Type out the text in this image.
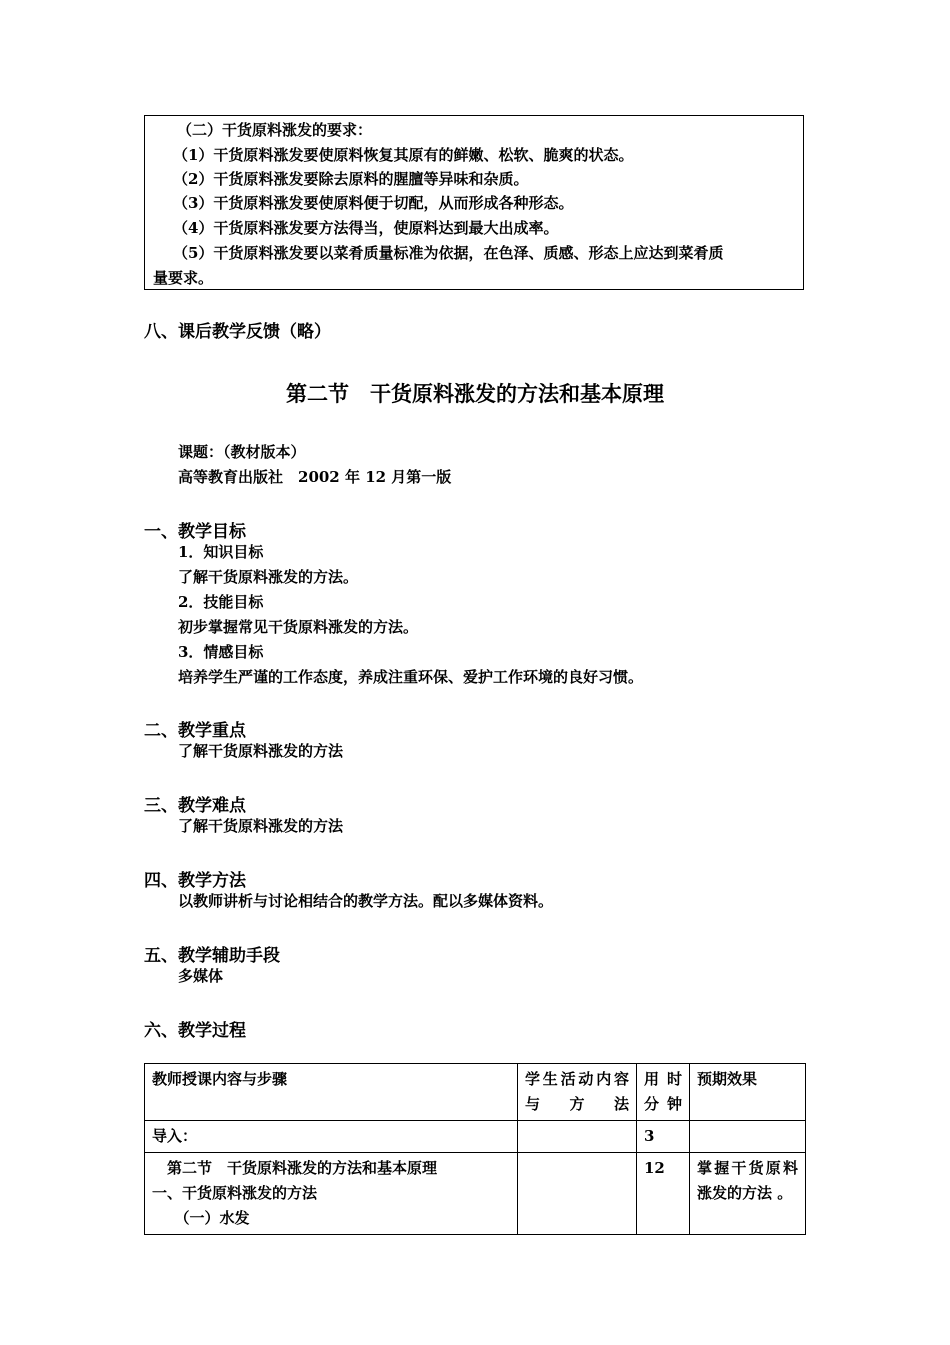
（二）干货原料涨发的要求：
（1）干货原料涨发要使原料恢复其原有的鲜嫩、松软、脆爽的状态。
（2）干货原料涨发要除去原料的腥膻等异味和杂质。
（3）干货原料涨发要使原料便于切配，从而形成各种形态。
（4）干货原料涨发要方法得当，使原料达到最大出成率。
（5）干货原料涨发要以菜肴质量标准为依据，在色泽、质感、形态上应达到菜肴质
量要求。
八、课后教学反馈（略）
第二节　干货原料涨发的方法和基本原理
课题：（教材版本）
高等教育出版社　2002 年 12 月第一版
一、教学目标
1．知识目标
了解干货原料涨发的方法。
2．技能目标
初步掌握常见干货原料涨发的方法。
3．情感目标
培养学生严谨的工作态度，养成注重环保、爱护工作环境的良好习惯。
二、教学重点
了解干货原料涨发的方法
三、教学难点
了解干货原料涨发的方法
四、教学方法
以教师讲析与讨论相结合的教学方法。配以多媒体资料。
五、教学辅助手段
多媒体
六、教学过程
教师授课内容与步骤	学生活动内容与方法	用时分钟	预期效果

导入：		3	

　第二节　干货原料涨发的方法和基本原理
一、干货原料涨发的方法
　　（一）水发		12	掌握干货原料涨发的方法 。
